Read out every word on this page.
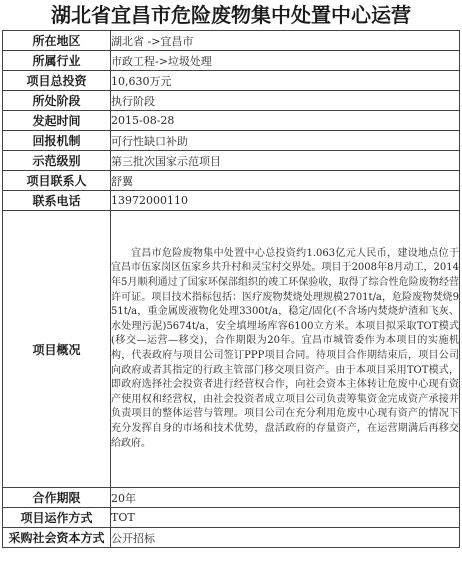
湖北省宜昌市危险废物集中处置中心运营
所在地区	湖北省 ->宜昌市
所属行业	市政工程->垃圾处理
项目总投资	10,630万元
所处阶段	执行阶段
发起时间	2015-08-28
回报机制	可行性缺口补助
示范级别	第三批次国家示范项目
项目联系人	舒翼
联系电话	13972000110
项目概况	宜昌市危险废物集中处置中心总投资约1.063亿元人民币，建设地点位于宜昌市伍家岗区伍家乡共升村和灵宝村交界处。项目于2008年8月动工，2014年5月顺利通过了国家环保部组织的竣工环保验收，取得了综合性危险废物经营许可证。项目技术指标包括：医疗废物焚烧处理规模2701t/a，危险废物焚烧951t/a，重金属废液物化处理3300t/a，稳定/固化(不含场内焚烧炉渣和飞灰、水处理污泥)5674t/a，安全填埋场库容6100立方米。本项目拟采取TOT模式(移交—运营—移交)，合作期限为20年。宜昌市城管委作为本项目的实施机构，代表政府与项目公司签订PPP项目合同。待项目合作期结束后，项目公司向政府或者其指定的行政主管部门移交项目资产。由于本项目采用TOT模式，即政府选择社会投资者进行经营权合作，向社会资本主体转让危废中心现有资产使用权和经营权，由社会投资者成立项目公司负责筹集资金完成资产承接并负责项目的整体运营与管理。项目公司在充分利用危废中心现有资产的情况下充分发挥自身的市场和技术优势，盘活政府的存量资产，在运营期满后再移交给政府。
合作期限	20年
项目运作方式	TOT
采购社会资本方式	公开招标
